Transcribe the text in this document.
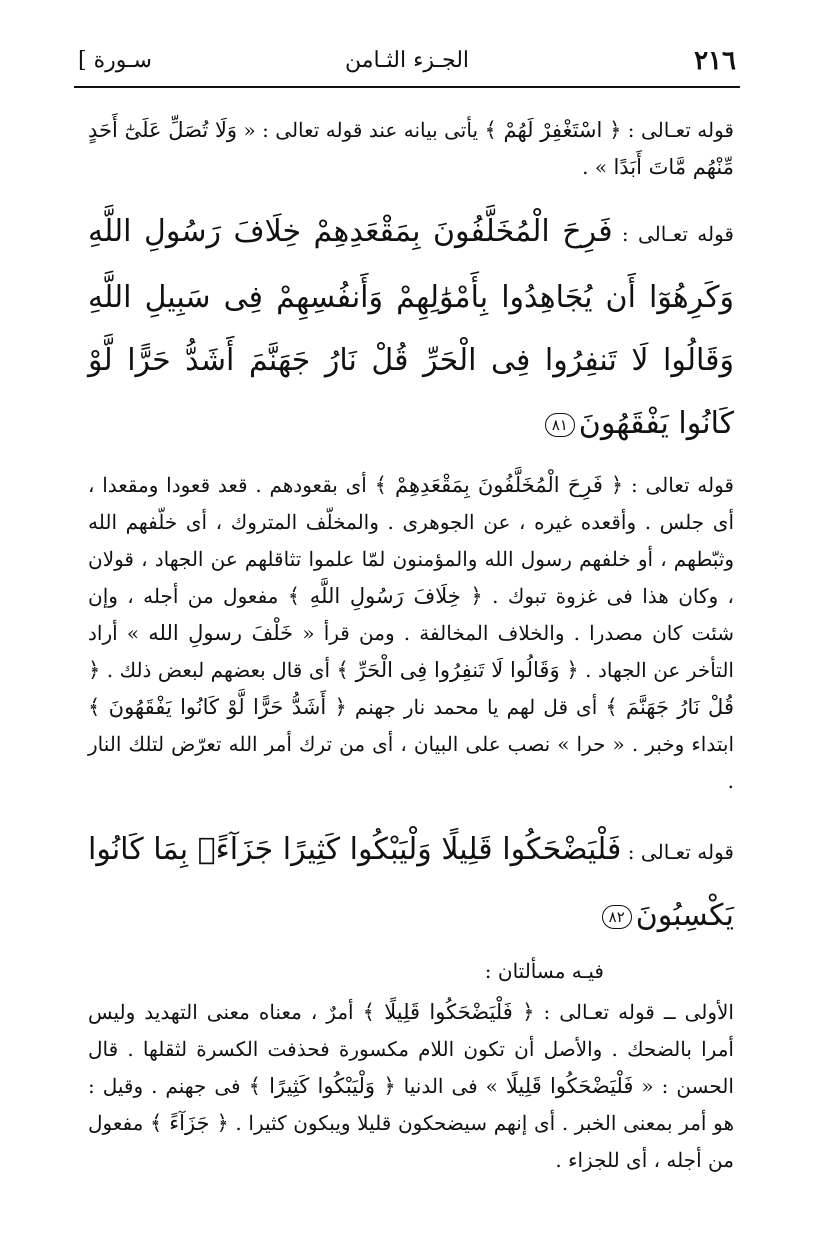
٢١٦
الجـزء الثـامن
سـورة ]

قوله تعـالى : ﴿ اسْتَغْفِرْ لَهُمْ ﴾ يأتى بيانه عند قوله تعالى : « وَلَا تُصَلِّ عَلَىٰٓ أَحَدٍ مِّنْهُم مَّاتَ أَبَدًا » .

قوله تعـالى : فَرِحَ الْمُخَلَّفُونَ بِمَقْعَدِهِمْ خِلَافَ رَسُولِ اللَّهِ وَكَرِهُوٓا أَن يُجَاهِدُوا بِأَمْوَٰلِهِمْ وَأَنفُسِهِمْ فِى سَبِيلِ اللَّهِ وَقَالُوا لَا تَنفِرُوا فِى الْحَرِّ قُلْ نَارُ جَهَنَّمَ أَشَدُّ حَرًّا لَّوْ كَانُوا يَفْقَهُونَ٨١

قوله تعالى : ﴿ فَرِحَ الْمُخَلَّفُونَ بِمَقْعَدِهِمْ ﴾ أى بقعودهم . قعد قعودا ومقعدا ، أى جلس . وأقعده غيره ، عن الجوهرى . والمخلّف المتروك ، أى خلّفهم الله وثبّطهم ، أو خلفهم رسول الله والمؤمنون لمّا علموا تثاقلهم عن الجهاد ، قولان ، وكان هذا فى غزوة تبوك . ﴿ خِلَافَ رَسُولِ اللَّهِ ﴾ مفعول من أجله ، وإن شئت كان مصدرا . والخلاف المخالفة . ومن قرأ « خَلْفَ رسولِ الله » أراد التأخر عن الجهاد . ﴿ وَقَالُوا لَا تَنفِرُوا فِى الْحَرِّ ﴾ أى قال بعضهم لبعض ذلك . ﴿ قُلْ نَارُ جَهَنَّمَ ﴾ أى قل لهم يا محمد نار جهنم ﴿ أَشَدُّ حَرًّا لَّوْ كَانُوا يَفْقَهُونَ ﴾ ابتداء وخبر . « حرا » نصب على البيان ، أى من ترك أمر الله تعرّض لتلك النار .

قوله تعـالى : فَلْيَضْحَكُوا قَلِيلًا وَلْيَبْكُوا كَثِيرًا جَزَآءًۢ بِمَا كَانُوا يَكْسِبُونَ٨٢

فيـه مسألتان :

الأولى ــ قوله تعـالى : ﴿ فَلْيَضْحَكُوا قَلِيلًا ﴾ أمرٌ ، معناه معنى التهديد وليس أمرا بالضحك . والأصل أن تكون اللام مكسورة فحذفت الكسرة لثقلها . قال الحسن : « فَلْيَضْحَكُوا قَلِيلًا » فى الدنيا ﴿ وَلْيَبْكُوا كَثِيرًا ﴾ فى جهنم . وقيل : هو أمر بمعنى الخبر . أى إنهم سيضحكون قليلا ويبكون كثيرا . ﴿ جَزَآءً ﴾ مفعول من أجله ، أى للجزاء .
